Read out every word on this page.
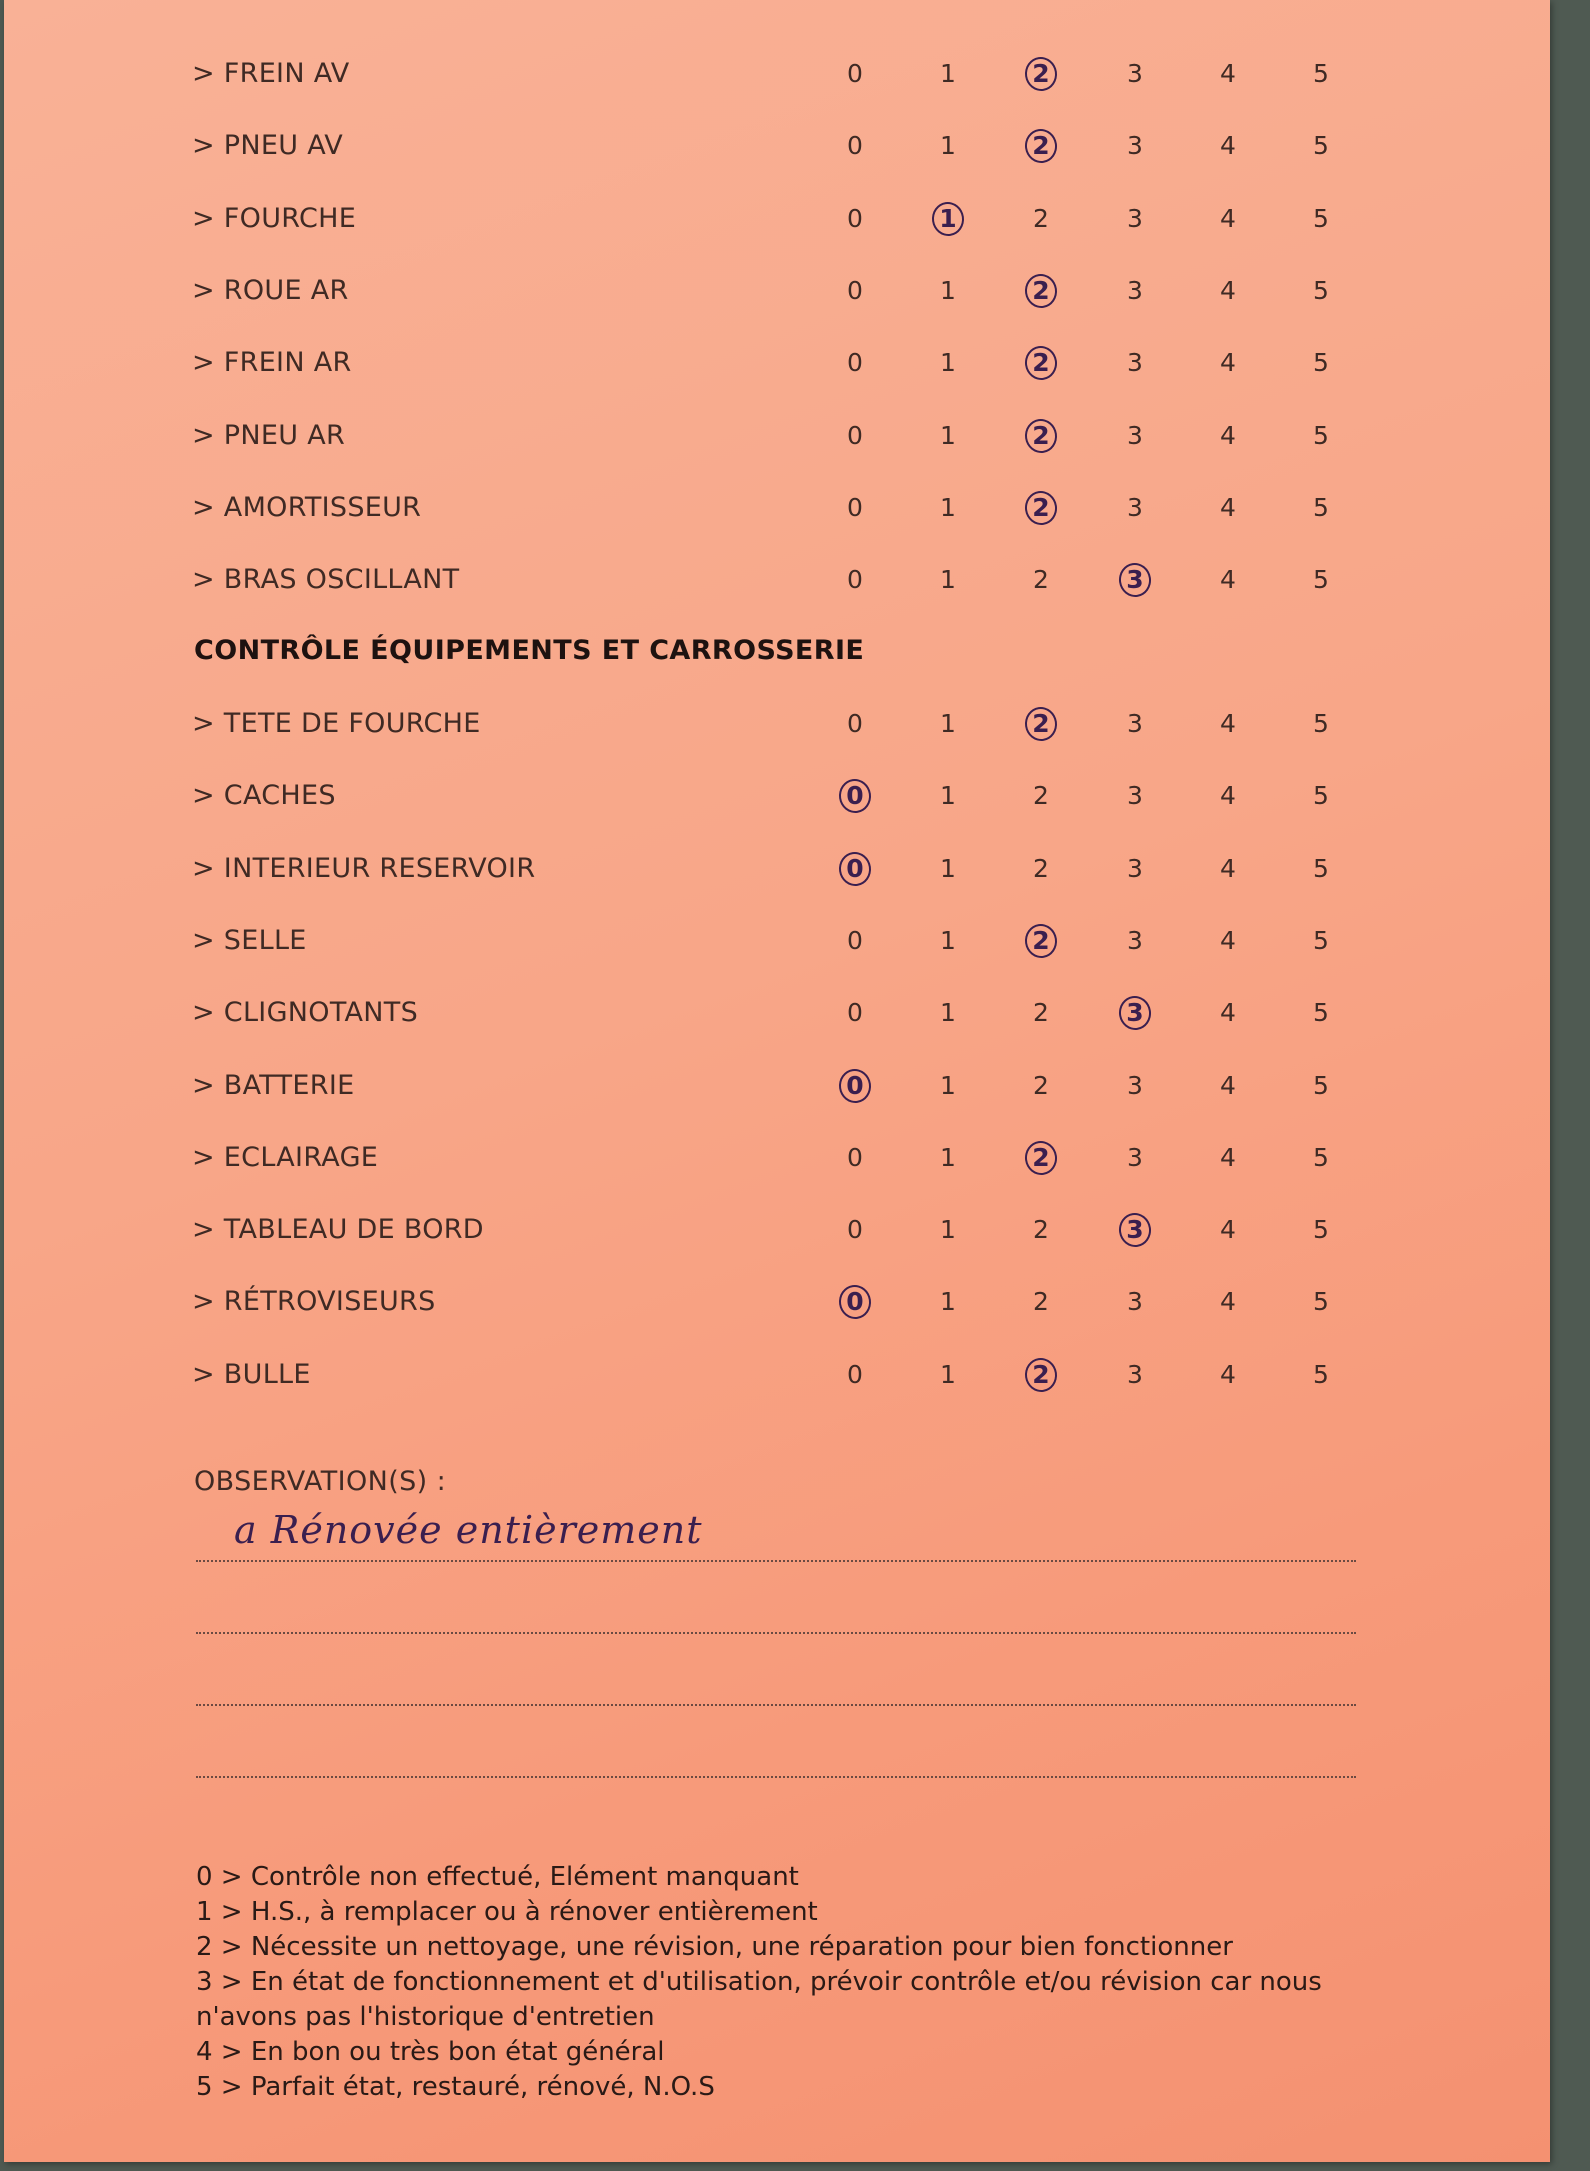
> FREIN AV	0	1	2	3	4	5
> PNEU AV	0	1	2	3	4	5
> FOURCHE	0	1	2	3	4	5
> ROUE AR	0	1	2	3	4	5
> FREIN AR	0	1	2	3	4	5
> PNEU AR	0	1	2	3	4	5
> AMORTISSEUR	0	1	2	3	4	5
> BRAS OSCILLANT	0	1	2	3	4	5
> TETE DE FOURCHE	0	1	2	3	4	5
> CACHES	0	1	2	3	4	5
> INTERIEUR RESERVOIR	0	1	2	3	4	5
> SELLE	0	1	2	3	4	5
> CLIGNOTANTS	0	1	2	3	4	5
> BATTERIE	0	1	2	3	4	5
> ECLAIRAGE	0	1	2	3	4	5
> TABLEAU DE BORD	0	1	2	3	4	5
> RÉTROVISEURS	0	1	2	3	4	5
> BULLE	0	1	2	3	4	5
CONTRÔLE ÉQUIPEMENTS ET CARROSSERIE
OBSERVATION(S) :
a Rénovée entièrement
0 > Contrôle non effectué, Elément manquant
1 > H.S., à remplacer ou à rénover entièrement
2 > Nécessite un nettoyage, une révision, une réparation pour bien fonctionner
3 > En état de fonctionnement et d'utilisation, prévoir contrôle et/ou révision car nous n'avons pas l'historique d'entretien
4 > En bon ou très bon état général
5 > Parfait état, restauré, rénové, N.O.S
